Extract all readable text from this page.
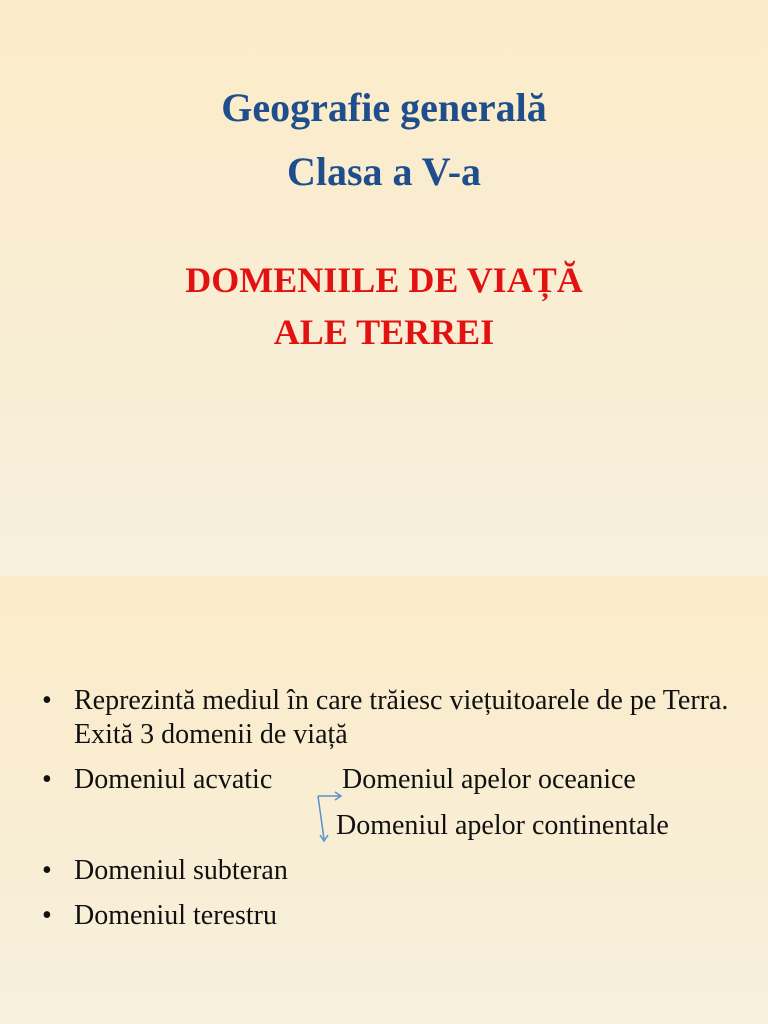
Geografie generală
Clasa a V-a
DOMENIILE DE VIAȚĂ
ALE TERREI
• Reprezintă mediul în care trăiesc viețuitoarele de pe Terra. Exită 3 domenii de viață
• Domeniul acvatic Domeniul apelor oceanice
Domeniul apelor continentale
• Domeniul subteran
• Domeniul terestru
